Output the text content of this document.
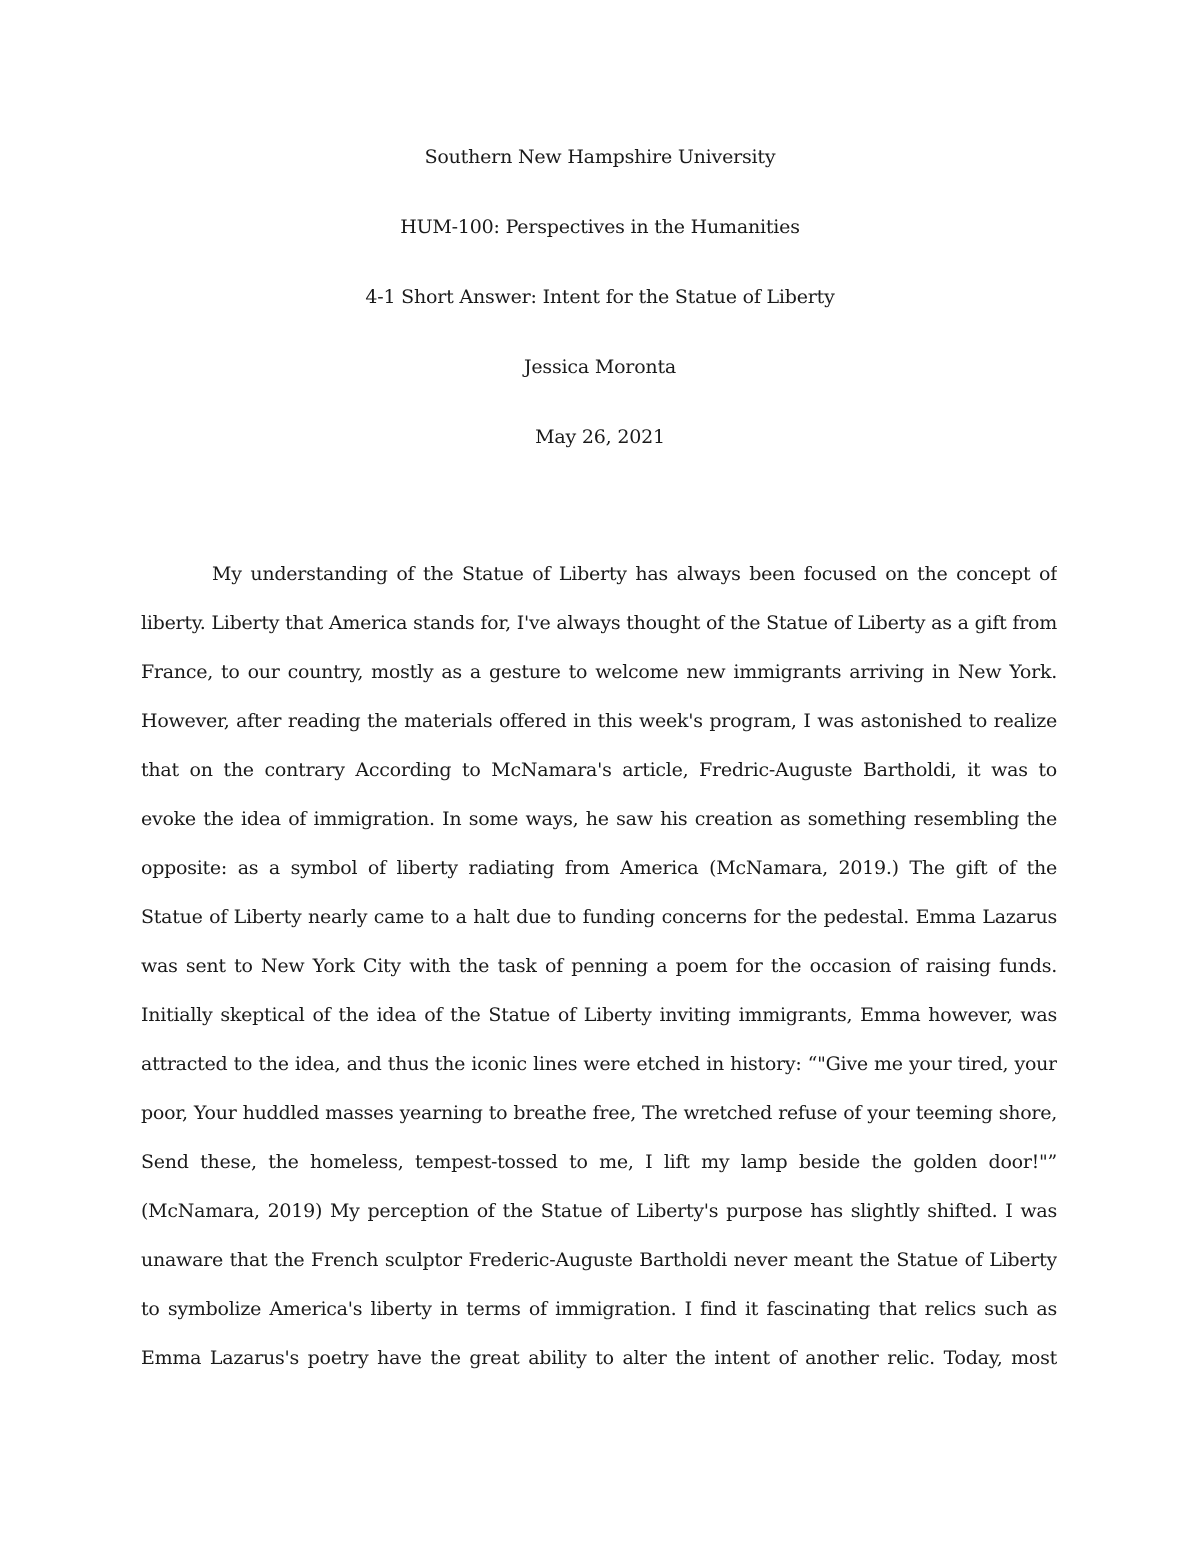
Southern New Hampshire University
HUM-100: Perspectives in the Humanities
4-1 Short Answer: Intent for the Statue of Liberty
Jessica Moronta
May 26, 2021
My understanding of the Statue of Liberty has always been focused on the concept of
liberty. Liberty that America stands for, I've always thought of the Statue of Liberty as a gift from
France, to our country, mostly as a gesture to welcome new immigrants arriving in New York.
However, after reading the materials offered in this week's program, I was astonished to realize
that on the contrary According to McNamara's article, Fredric-Auguste Bartholdi, it was to
evoke the idea of immigration. In some ways, he saw his creation as something resembling the
opposite: as a symbol of liberty radiating from America (McNamara, 2019.) The gift of the
Statue of Liberty nearly came to a halt due to funding concerns for the pedestal. Emma Lazarus
was sent to New York City with the task of penning a poem for the occasion of raising funds.
Initially skeptical of the idea of the Statue of Liberty inviting immigrants, Emma however, was
attracted to the idea, and thus the iconic lines were etched in history: “"Give me your tired, your
poor, Your huddled masses yearning to breathe free, The wretched refuse of your teeming shore,
Send these, the homeless, tempest-tossed to me, I lift my lamp beside the golden door!"”
(McNamara, 2019) My perception of the Statue of Liberty's purpose has slightly shifted. I was
unaware that the French sculptor Frederic-Auguste Bartholdi never meant the Statue of Liberty
to symbolize America's liberty in terms of immigration. I find it fascinating that relics such as
Emma Lazarus's poetry have the great ability to alter the intent of another relic. Today, most
